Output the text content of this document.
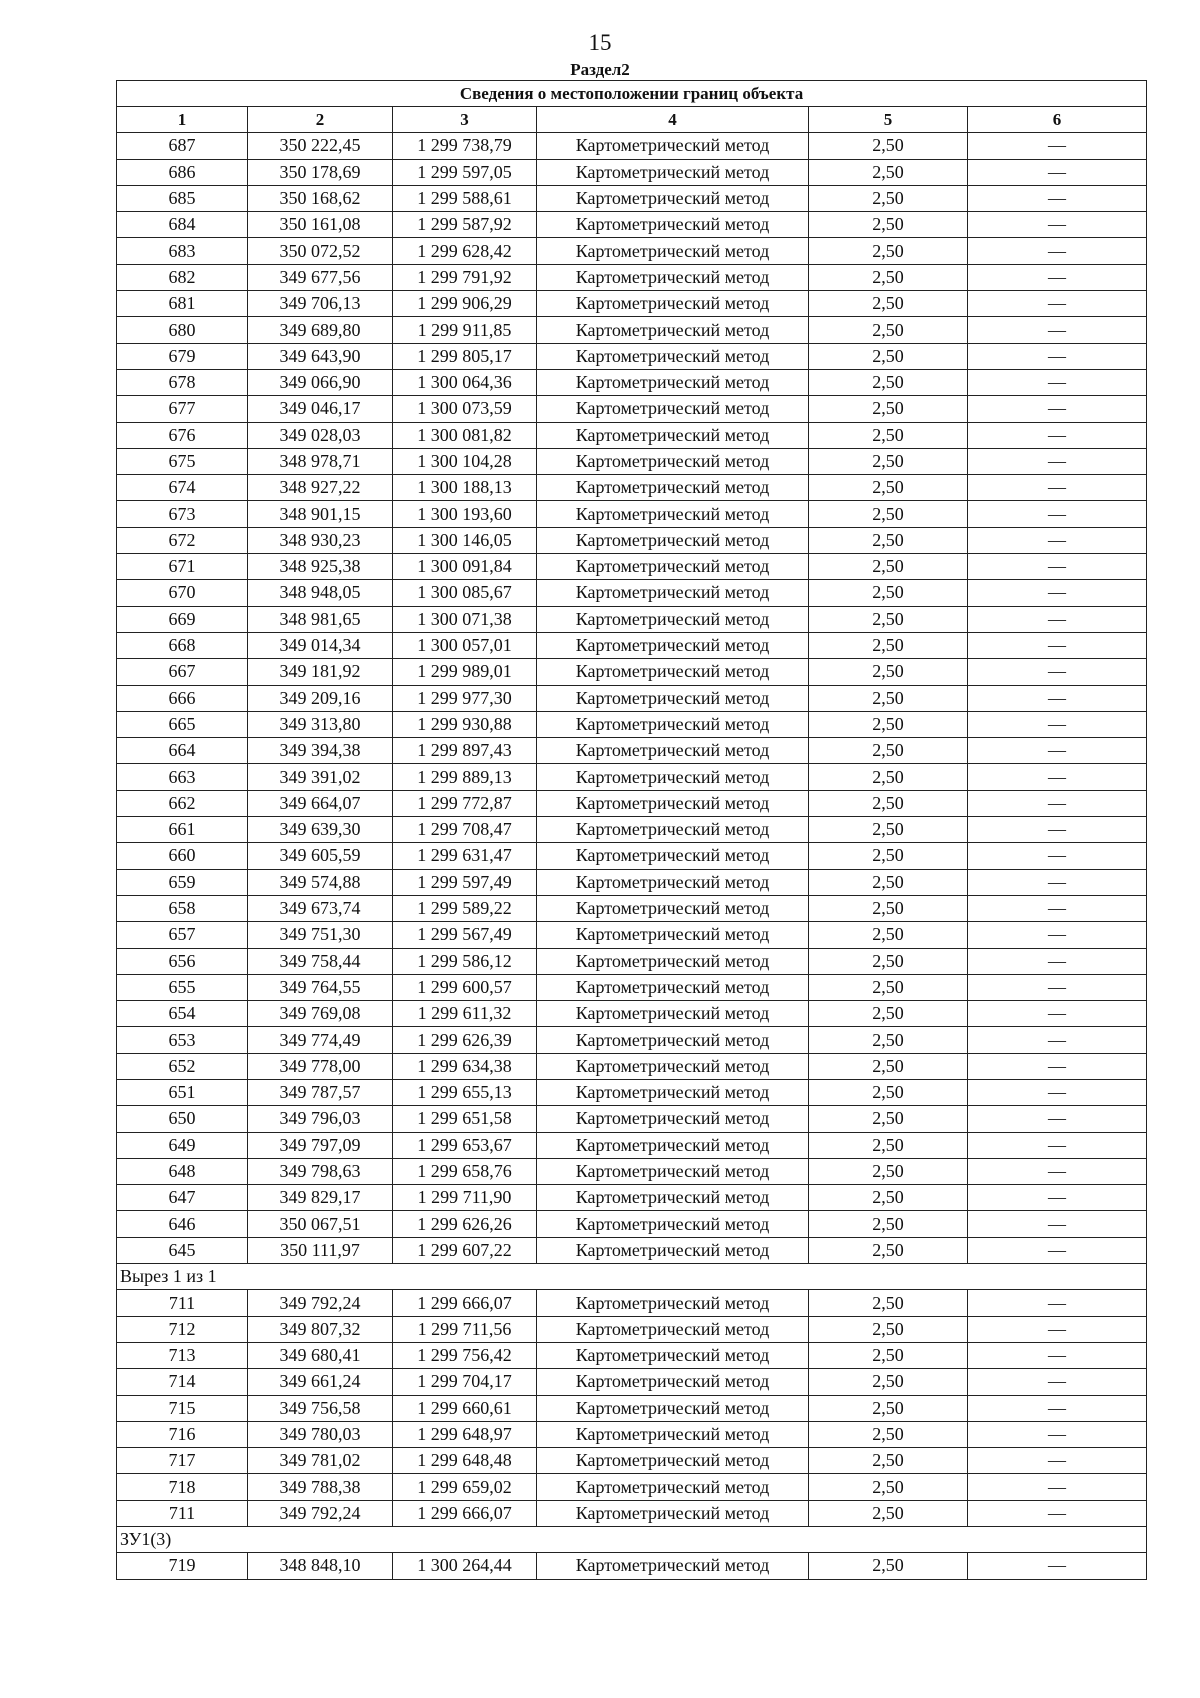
15
Раздел2
Сведения о местоположении границ объекта					
1	2	3	4	5	6
687	350 222,45	1 299 738,79	Картометрический метод	2,50	—
686	350 178,69	1 299 597,05	Картометрический метод	2,50	—
685	350 168,62	1 299 588,61	Картометрический метод	2,50	—
684	350 161,08	1 299 587,92	Картометрический метод	2,50	—
683	350 072,52	1 299 628,42	Картометрический метод	2,50	—
682	349 677,56	1 299 791,92	Картометрический метод	2,50	—
681	349 706,13	1 299 906,29	Картометрический метод	2,50	—
680	349 689,80	1 299 911,85	Картометрический метод	2,50	—
679	349 643,90	1 299 805,17	Картометрический метод	2,50	—
678	349 066,90	1 300 064,36	Картометрический метод	2,50	—
677	349 046,17	1 300 073,59	Картометрический метод	2,50	—
676	349 028,03	1 300 081,82	Картометрический метод	2,50	—
675	348 978,71	1 300 104,28	Картометрический метод	2,50	—
674	348 927,22	1 300 188,13	Картометрический метод	2,50	—
673	348 901,15	1 300 193,60	Картометрический метод	2,50	—
672	348 930,23	1 300 146,05	Картометрический метод	2,50	—
671	348 925,38	1 300 091,84	Картометрический метод	2,50	—
670	348 948,05	1 300 085,67	Картометрический метод	2,50	—
669	348 981,65	1 300 071,38	Картометрический метод	2,50	—
668	349 014,34	1 300 057,01	Картометрический метод	2,50	—
667	349 181,92	1 299 989,01	Картометрический метод	2,50	—
666	349 209,16	1 299 977,30	Картометрический метод	2,50	—
665	349 313,80	1 299 930,88	Картометрический метод	2,50	—
664	349 394,38	1 299 897,43	Картометрический метод	2,50	—
663	349 391,02	1 299 889,13	Картометрический метод	2,50	—
662	349 664,07	1 299 772,87	Картометрический метод	2,50	—
661	349 639,30	1 299 708,47	Картометрический метод	2,50	—
660	349 605,59	1 299 631,47	Картометрический метод	2,50	—
659	349 574,88	1 299 597,49	Картометрический метод	2,50	—
658	349 673,74	1 299 589,22	Картометрический метод	2,50	—
657	349 751,30	1 299 567,49	Картометрический метод	2,50	—
656	349 758,44	1 299 586,12	Картометрический метод	2,50	—
655	349 764,55	1 299 600,57	Картометрический метод	2,50	—
654	349 769,08	1 299 611,32	Картометрический метод	2,50	—
653	349 774,49	1 299 626,39	Картометрический метод	2,50	—
652	349 778,00	1 299 634,38	Картометрический метод	2,50	—
651	349 787,57	1 299 655,13	Картометрический метод	2,50	—
650	349 796,03	1 299 651,58	Картометрический метод	2,50	—
649	349 797,09	1 299 653,67	Картометрический метод	2,50	—
648	349 798,63	1 299 658,76	Картометрический метод	2,50	—
647	349 829,17	1 299 711,90	Картометрический метод	2,50	—
646	350 067,51	1 299 626,26	Картометрический метод	2,50	—
645	350 111,97	1 299 607,22	Картометрический метод	2,50	—
Вырез 1 из 1					
711	349 792,24	1 299 666,07	Картометрический метод	2,50	—
712	349 807,32	1 299 711,56	Картометрический метод	2,50	—
713	349 680,41	1 299 756,42	Картометрический метод	2,50	—
714	349 661,24	1 299 704,17	Картометрический метод	2,50	—
715	349 756,58	1 299 660,61	Картометрический метод	2,50	—
716	349 780,03	1 299 648,97	Картометрический метод	2,50	—
717	349 781,02	1 299 648,48	Картометрический метод	2,50	—
718	349 788,38	1 299 659,02	Картометрический метод	2,50	—
711	349 792,24	1 299 666,07	Картометрический метод	2,50	—
ЗУ1(3)					
719	348 848,10	1 300 264,44	Картометрический метод	2,50	—
